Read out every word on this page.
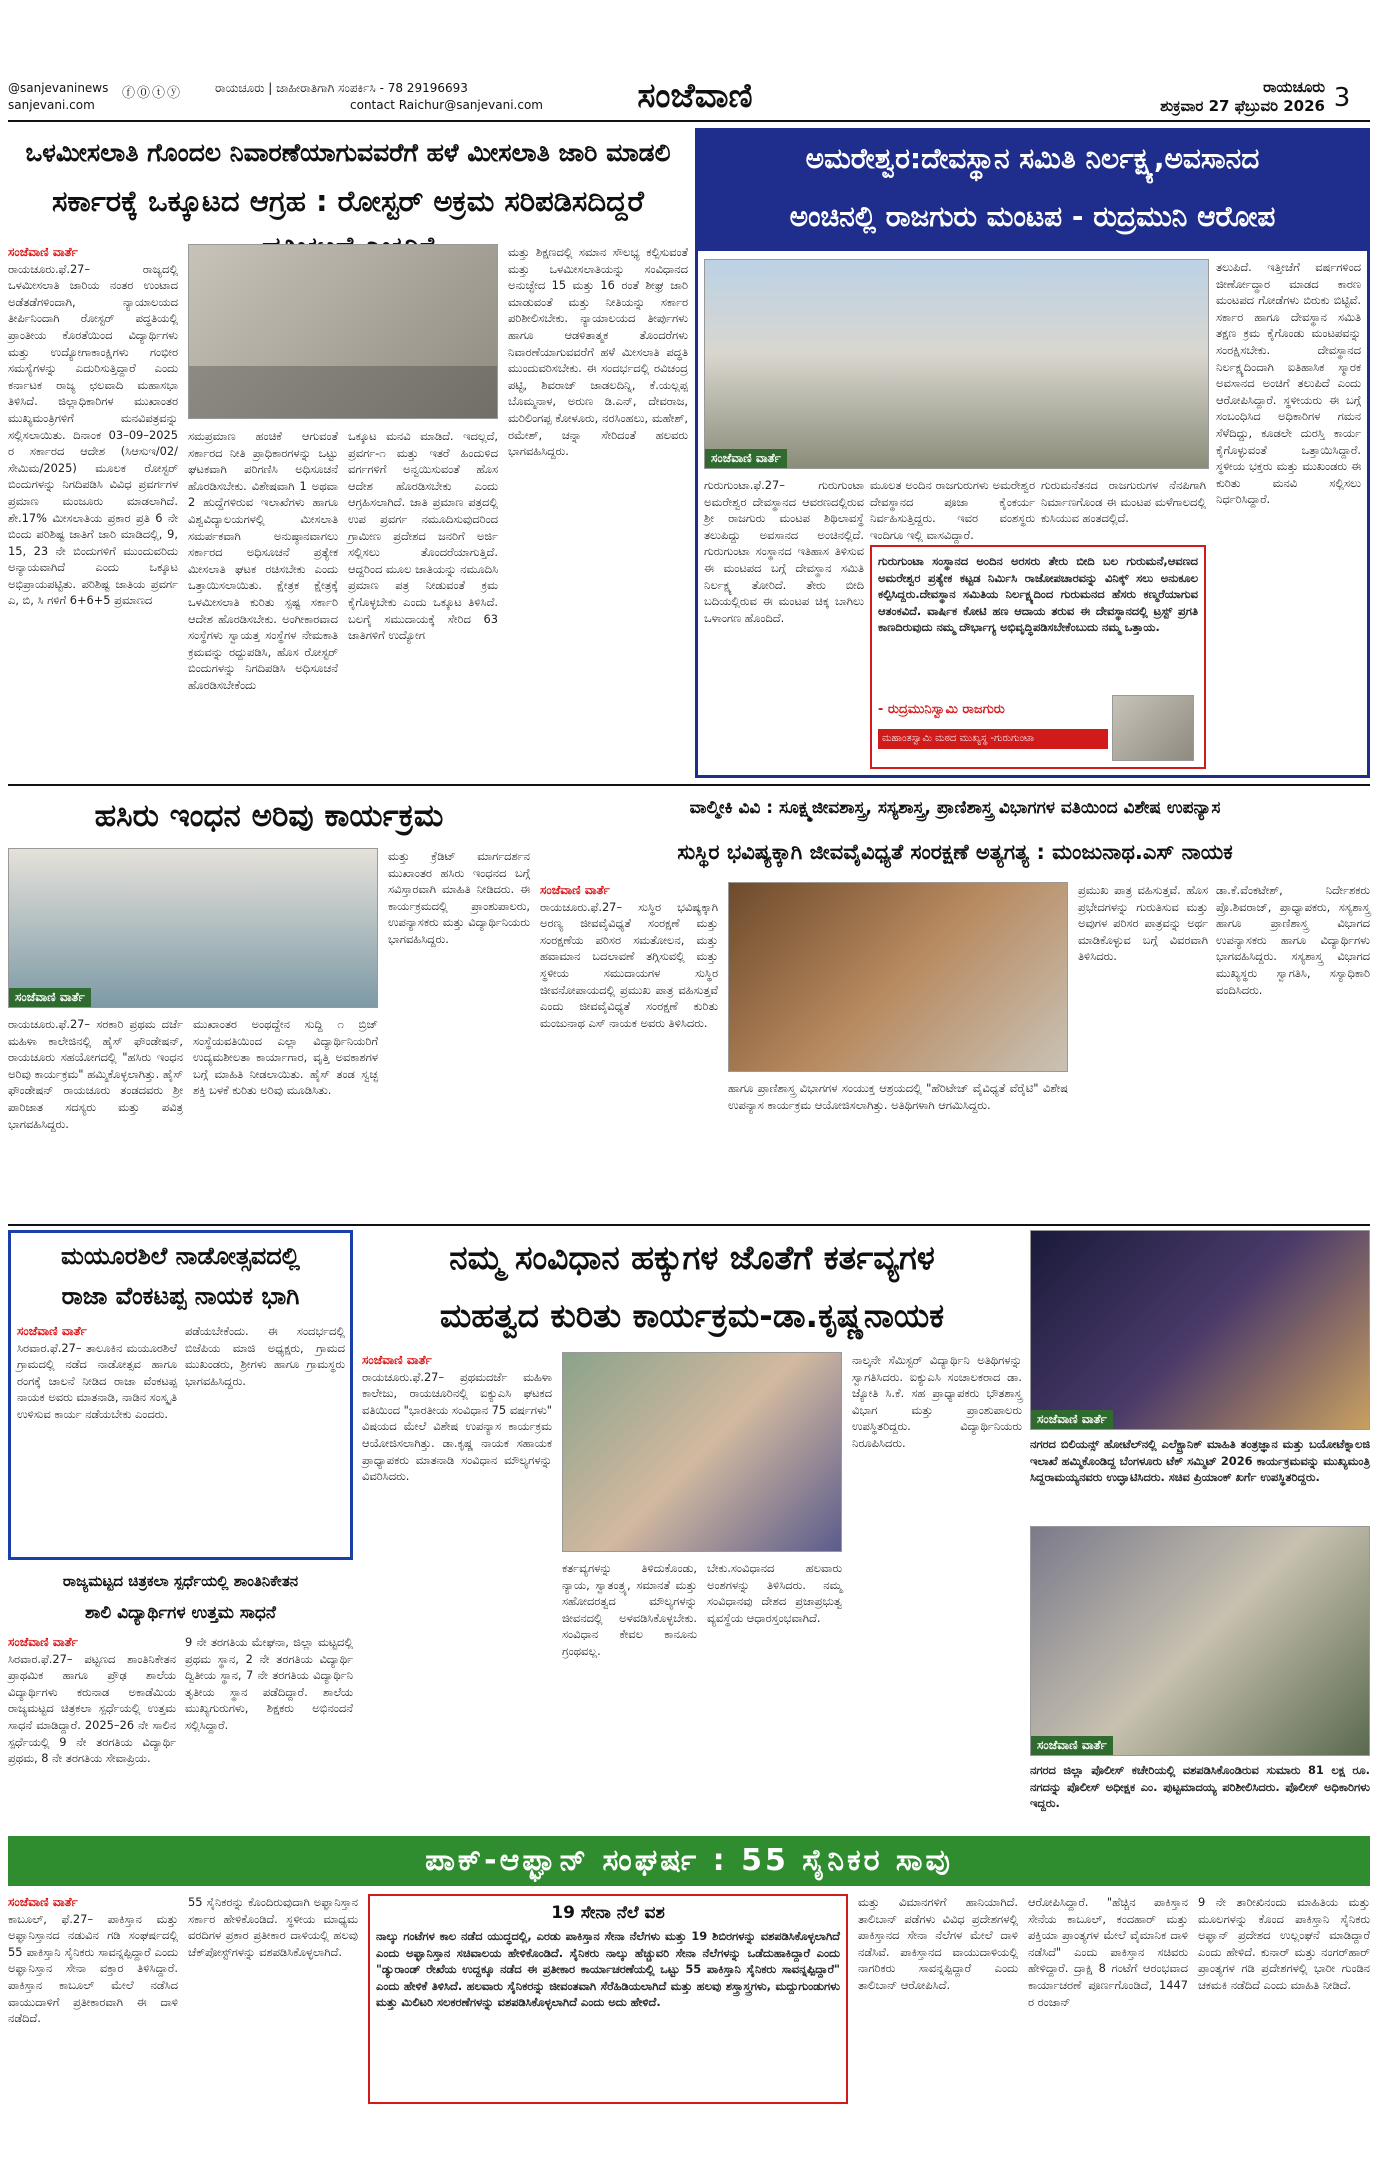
@sanjevaninews
sanjevani.com
ⓕ⓪ⓣⓨ	ರಾಯಚೂರು | ಜಾಹೀರಾತಿಗಾಗಿ ಸಂಪರ್ಕಿಸಿ - 78 29196693
contact Raichur@sanjevani.com	ಸಂಜೆವಾಣಿ	ರಾಯಚೂರು
ಶುಕ್ರವಾರ 27 ಫೆಬ್ರುವರಿ 2026 3
ಒಳಮೀಸಲಾತಿ ಗೊಂದಲ ನಿವಾರಣೆಯಾಗುವವರೆಗೆ ಹಳೆ ಮೀಸಲಾತಿ ಜಾರಿ ಮಾಡಲಿ
ಸರ್ಕಾರಕ್ಕೆ ಒಕ್ಕೂಟದ ಆಗ್ರಹ : ರೋಸ್ಟರ್ ಅಕ್ರಮ ಸರಿಪಡಿಸದಿದ್ದರೆ
ಸಂಜೆವಾಣಿ ವಾರ್ತೆ

ರಾಯಚೂರು.ಫೆ.27– ರಾಜ್ಯದಲ್ಲಿ ಒಳಮೀಸಲಾತಿ ಜಾರಿಯ ನಂತರ ಉಂಟಾದ ಅಡೆತಡೆಗಳಿಂದಾಗಿ, ನ್ಯಾಯಾಲಯದ ತೀರ್ಪಿನಿಂದಾಗಿ ರೋಸ್ಟರ್ ಪದ್ಧತಿಯಲ್ಲಿ ಪ್ರಾಂತೀಯ ಕೊರತೆಯಿಂದ ವಿದ್ಯಾರ್ಥಿಗಳು ಮತ್ತು ಉದ್ಯೋಗಾಕಾಂಕ್ಷಿಗಳು ಗಂಭೀರ ಸಮಸ್ಯೆಗಳನ್ನು ಎದುರಿಸುತ್ತಿದ್ದಾರೆ ಎಂದು ಕರ್ನಾಟಕ ರಾಜ್ಯ ಛಲವಾದಿ ಮಹಾಸಭಾ ತಿಳಿಸಿದೆ. ಜಿಲ್ಲಾಧಿಕಾರಿಗಳ ಮುಖಾಂತರ ಮುಖ್ಯಮಂತ್ರಿಗಳಿಗೆ ಮನವಿಪತ್ರವನ್ನು ಸಲ್ಲಿಸಲಾಯಿತು. ದಿನಾಂಕ 03–09–2025 ರ ಸರ್ಕಾರದ ಆದೇಶ (ಸಿಆಸುಇ/02/ಸೇಮಿಮ/2025) ಮೂಲಕ ರೋಸ್ಟರ್ ಬಿಂದುಗಳನ್ನು ನಿಗದಿಪಡಿಸಿ ವಿವಿಧ ಪ್ರವರ್ಗಗಳ ಪ್ರಮಾಣ ಮಂಜೂರು ಮಾಡಲಾಗಿದೆ. ಶೇ.17% ಮೀಸಲಾತಿಯ ಪ್ರಕಾರ ಪ್ರತಿ 6 ನೇ ಬಿಂದು ಪರಿಶಿಷ್ಟ ಜಾತಿಗೆ ಜಾರಿ ಮಾಡಿದಲ್ಲಿ, 9, 15, 23 ನೇ ಬಿಂದುಗಳಿಗೆ ಮುಂದುವರಿದು ಅನ್ಯಾಯವಾಗಿದೆ ಎಂದು ಒಕ್ಕೂಟ ಅಭಿಪ್ರಾಯಪಟ್ಟಿತು. ಪರಿಶಿಷ್ಟ ಜಾತಿಯ ಪ್ರವರ್ಗ ಎ, ಬಿ, ಸಿ ಗಳಿಗೆ 6+6+5 ಪ್ರಮಾಣದ

ಸಮಪ್ರಮಾಣ ಹಂಚಿಕೆ ಆಗುವಂತೆ ಸರ್ಕಾರದ ನೀತಿ ಪ್ರಾಧಿಕಾರಗಳನ್ನು ಒಟ್ಟು ಘಟಕವಾಗಿ ಪರಿಗಣಿಸಿ ಅಧಿಸೂಚನೆ ಹೊರಡಿಸಬೇಕು. ವಿಶೇಷವಾಗಿ 1 ಅಥವಾ 2 ಹುದ್ದೆಗಳಿರುವ ಇಲಾಖೆಗಳು ಹಾಗೂ ವಿಶ್ವವಿದ್ಯಾಲಯಗಳಲ್ಲಿ ಮೀಸಲಾತಿ ಸಮರ್ಪಕವಾಗಿ ಅನುಷ್ಠಾನವಾಗಲು ಸರ್ಕಾರದ ಅಧಿಸೂಚನೆ ಪ್ರತ್ಯೇಕ ಮೀಸಲಾತಿ ಘಟಕ ರಚಿಸಬೇಕು ಎಂದು ಒತ್ತಾಯಿಸಲಾಯಿತು. ಕ್ಷೇತ್ರಕ ಕ್ಷೇತ್ರಕ್ಕೆ ಒಳಮೀಸಲಾತಿ ಕುರಿತು ಸ್ಪಷ್ಟ ಸರ್ಕಾರಿ ಆದೇಶ ಹೊರಡಿಸಬೇಕು. ಅಂಗೀಕಾರವಾದ ಸಂಸ್ಥೆಗಳು ಸ್ವಾಯತ್ತ ಸಂಸ್ಥೆಗಳ ನೇಮಕಾತಿ ಕ್ರಮವನ್ನು ರದ್ದುಪಡಿಸಿ, ಹೊಸ ರೋಸ್ಟರ್ ಬಿಂದುಗಳನ್ನು ನಿಗದಿಪಡಿಸಿ ಅಧಿಸೂಚನೆ ಹೊರಡಿಸಬೇಕೆಂದು

ಒಕ್ಕೂಟ ಮನವಿ ಮಾಡಿದೆ. ಇದಲ್ಲದೆ, ಪ್ರವರ್ಗ-೧ ಮತ್ತು ಇತರೆ ಹಿಂದುಳಿದ ವರ್ಗಗಳಿಗೆ ಅನ್ವಯಿಸುವಂತೆ ಹೊಸ ಆದೇಶ ಹೊರಡಿಸಬೇಕು ಎಂದು ಆಗ್ರಹಿಸಲಾಗಿದೆ. ಜಾತಿ ಪ್ರಮಾಣ ಪತ್ರದಲ್ಲಿ ಉಪ ಪ್ರವರ್ಗ ನಮೂದಿಸುವುದರಿಂದ ಗ್ರಾಮೀಣ ಪ್ರದೇಶದ ಜನರಿಗೆ ಅರ್ಜಿ ಸಲ್ಲಿಸಲು ತೊಂದರೆಯಾಗುತ್ತಿದೆ. ಆದ್ದರಿಂದ ಮೂಲ ಜಾತಿಯನ್ನು ನಮೂದಿಸಿ ಪ್ರಮಾಣ ಪತ್ರ ನೀಡುವಂತೆ ಕ್ರಮ ಕೈಗೊಳ್ಳಬೇಕು ಎಂದು ಒಕ್ಕೂಟ ತಿಳಿಸಿದೆ. ಬಲಗೈ ಸಮುದಾಯಕ್ಕೆ ಸೇರಿದ 63 ಜಾತಿಗಳಿಗೆ ಉದ್ಯೋಗ

ಮತ್ತು ಶಿಕ್ಷಣದಲ್ಲಿ ಸಮಾನ ಸೌಲಭ್ಯ ಕಲ್ಪಿಸುವಂತೆ ಮತ್ತು ಒಳಮೀಸಲಾತಿಯನ್ನು ಸಂವಿಧಾನದ ಅನುಚ್ಛೇದ 15 ಮತ್ತು 16 ರಂತೆ ಶೀಘ್ರ ಜಾರಿ ಮಾಡುವಂತೆ ಮತ್ತು ನೀತಿಯನ್ನು ಸರ್ಕಾರ ಪರಿಶೀಲಿಸಬೇಕು. ನ್ಯಾಯಾಲಯದ ತೀರ್ಪುಗಳು ಹಾಗೂ ಆಡಳಿತಾತ್ಮಕ ತೊಂದರೆಗಳು ನಿವಾರಣೆಯಾಗುವವರೆಗೆ ಹಳೆ ಮೀಸಲಾತಿ ಪದ್ಧತಿ ಮುಂದುವರಿಸಬೇಕು. ಈ ಸಂದರ್ಭದಲ್ಲಿ ರವಿಚಂದ್ರ ಪಟ್ಟಿ, ಶಿವರಾಜ್ ಜಾಡಲದಿನ್ನಿ, ಕೆ.ಯಲ್ಲಪ್ಪ ಬೊಮ್ಮನಾಳ, ಅರುಣ ಡಿ.ಎನ್, ದೇವರಾಜ, ಮರಿಲಿಂಗಪ್ಪ ಕೋಳೂರು, ನರಸಿಂಹಲು, ಮಹೇಶ್, ರಮೇಶ್, ಚನ್ನಾ ಸೇರಿದಂತೆ ಹಲವರು ಭಾಗವಹಿಸಿದ್ದರು.

ಅಮರೇಶ್ವರ:ದೇವಸ್ಥಾನ ಸಮಿತಿ ನಿರ್ಲಕ್ಷ್ಯ,ಅವಸಾನದ
ಅಂಚಿನಲ್ಲಿ ರಾಜಗುರು ಮಂಟಪ - ರುದ್ರಮುನಿ ಆರೋಪ
ಸಂಜೆವಾಣಿ ವಾರ್ತೆ

ಗುರುಗುಂಟಾ.ಫೆ.27– ಗುರುಗುಂಟಾ ಅಮರೇಶ್ವರ ದೇವಸ್ಥಾನದ ಆವರಣದಲ್ಲಿರುವ ಶ್ರೀ ರಾಜಗುರು ಮಂಟಪ ಶಿಥಿಲಾವಸ್ಥೆ ತಲುಪಿದ್ದು ಅವಸಾನದ ಅಂಚಿನಲ್ಲಿದೆ. ಗುರುಗುಂಟಾ ಸಂಸ್ಥಾನದ ಇತಿಹಾಸ ತಿಳಿಸುವ ಈ ಮಂಟಪದ ಬಗ್ಗೆ ದೇವಸ್ಥಾನ ಸಮಿತಿ ನಿರ್ಲಕ್ಷ್ಯ ತೋರಿದೆ. ತೇರು ಬೀದಿ ಬದಿಯಲ್ಲಿರುವ ಈ ಮಂಟಪ ಚಿಕ್ಕ ಬಾಗಿಲು ಒಳಾಂಗಣ ಹೊಂದಿದೆ.

ಮೂಲತ ಅಂದಿನ ರಾಜಗುರುಗಳು ಅಮರೇಶ್ವರ ದೇವಸ್ಥಾನದ ಪೂಜಾ ಕೈಂಕರ್ಯ ನಿರ್ವಹಿಸುತ್ತಿದ್ದರು. ಇವರ ವಂಶಸ್ಥರು ಇಂದಿಗೂ ಇಲ್ಲಿ ವಾಸವಿದ್ದಾರೆ.

ಗುರುಮನೆತನದ ರಾಜಗುರುಗಳ ನೆನಪಿಗಾಗಿ ನಿರ್ಮಾಣಗೊಂಡ ಈ ಮಂಟಪ ಮಳೆಗಾಲದಲ್ಲಿ ಕುಸಿಯುವ ಹಂತದಲ್ಲಿದೆ.

ತಲುಪಿದೆ. ಇತ್ತೀಚೆಗೆ ವರ್ಷಗಳಿಂದ ಜೀರ್ಣೋದ್ಧಾರ ಮಾಡದ ಕಾರಣ ಮಂಟಪದ ಗೋಡೆಗಳು ಬಿರುಕು ಬಿಟ್ಟಿವೆ. ಸರ್ಕಾರ ಹಾಗೂ ದೇವಸ್ಥಾನ ಸಮಿತಿ ತಕ್ಷಣ ಕ್ರಮ ಕೈಗೊಂಡು ಮಂಟಪವನ್ನು ಸಂರಕ್ಷಿಸಬೇಕು. ದೇವಸ್ಥಾನದ ನಿರ್ಲಕ್ಷ್ಯದಿಂದಾಗಿ ಐತಿಹಾಸಿಕ ಸ್ಮಾರಕ ಅವಸಾನದ ಅಂಚಿಗೆ ತಲುಪಿದೆ ಎಂದು ಆರೋಪಿಸಿದ್ದಾರೆ. ಸ್ಥಳೀಯರು ಈ ಬಗ್ಗೆ ಸಂಬಂಧಿಸಿದ ಅಧಿಕಾರಿಗಳ ಗಮನ ಸೆಳೆದಿದ್ದು, ಕೂಡಲೇ ದುರಸ್ತಿ ಕಾರ್ಯ ಕೈಗೊಳ್ಳುವಂತೆ ಒತ್ತಾಯಿಸಿದ್ದಾರೆ. ಸ್ಥಳೀಯ ಭಕ್ತರು ಮತ್ತು ಮುಖಂಡರು ಈ ಕುರಿತು ಮನವಿ ಸಲ್ಲಿಸಲು ನಿರ್ಧರಿಸಿದ್ದಾರೆ.

ಗುರುಗುಂಟಾ ಸಂಸ್ಥಾನದ ಅಂದಿನ ಅರಸರು ತೇರು ಬೀದಿ ಬಲ ಗುರುಮನೆ,ಆವಣದ ಅಮರೇಶ್ವರ ಪ್ರತ್ಯೇಕ ಕಟ್ಟಡ ನಿರ್ಮಿಸಿ ರಾಜೋಪಚಾರವನ್ನು ವಿನಿಕ್ಕ್ ಸಲು ಅನುಕೂಲ ಕಲ್ಪಿಸಿದ್ದರು.ದೇವಸ್ಥಾನ ಸಮಿತಿಯ ನಿರ್ಲಕ್ಷ್ಯದಿಂದ ಗುರುಮನದ ಹೆಸರು ಕಣ್ಮರೆಯಾಗುವ ಆತಂಕವಿದೆ. ವಾರ್ಷಿಕ ಕೋಟಿ ಹಣ ಆದಾಯ ತರುವ ಈ ದೇವಸ್ಥಾನದಲ್ಲಿ ಟ್ರಸ್ಟ್ ಪ್ರಗತಿ ಕಾಣದಿರುವುದು ನಮ್ಮ ದೌರ್ಭಾಗ್ಯ ಅಭಿವೃದ್ಧಿಪಡಿಸಬೇಕೆಂಬುದು ನಮ್ಮ ಒತ್ತಾಯ.
- ರುದ್ರಮುನಿಸ್ವಾಮಿ ರಾಜಗುರು
ಮಹಾಂತಸ್ವಾಮಿ ಮಠದ ಮುಖ್ಯಸ್ಥ -ಗುರುಗುಂಟಾ
ಹಸಿರು ಇಂಧನ ಅರಿವು ಕಾರ್ಯಕ್ರಮ
ಸಂಜೆವಾಣಿ ವಾರ್ತೆ

ರಾಯಚೂರು.ಫೆ.27– ಸರಕಾರಿ ಪ್ರಥಮ ದರ್ಜೆ ಮಹಿಳಾ ಕಾಲೇಜಿನಲ್ಲಿ ಹೈಸ್ ಫೌಂಡೇಷನ್, ರಾಯಚೂರು ಸಹಯೋಗದಲ್ಲಿ "ಹಸಿರು ಇಂಧನ ಅರಿವು ಕಾರ್ಯಕ್ರಮ" ಹಮ್ಮಿಕೊಳ್ಳಲಾಗಿತ್ತು. ಹೈಸ್ ಫೌಂಡೇಷನ್ ರಾಯಚೂರು ತಂಡದವರು ಶ್ರೀ ಪಾರಿಜಾತ ಸದಸ್ಯರು ಮತ್ತು ಪವಿತ್ರ ಭಾಗವಹಿಸಿದ್ದರು.

ಮುಖಾಂತರ ಅಂಥದ್ದೇನ ಸುದ್ದಿ ೧ ಬ್ರಿಜ್ ಸಂಸ್ಥೆಯವತಿಯಿಂದ ಎಲ್ಲಾ ವಿದ್ಯಾರ್ಥಿನಿಯರಿಗೆ ಉದ್ಯಮಶೀಲತಾ ಕಾರ್ಯಾಗಾರ, ವೃತ್ತಿ ಅವಕಾಶಗಳ ಬಗ್ಗೆ ಮಾಹಿತಿ ನೀಡಲಾಯಿತು. ಹೈಸ್ ತಂಡ ಸ್ವಚ್ಛ ಶಕ್ತಿ ಬಳಕೆ ಕುರಿತು ಅರಿವು ಮೂಡಿಸಿತು.

ಮತ್ತು ಕ್ರೆಡಿಟ್ ಮಾರ್ಗದರ್ಶನ ಮುಖಾಂತರ ಹಸಿರು ಇಂಧನದ ಬಗ್ಗೆ ಸವಿಸ್ತಾರವಾಗಿ ಮಾಹಿತಿ ನೀಡಿದರು. ಈ ಕಾರ್ಯಕ್ರಮದಲ್ಲಿ ಪ್ರಾಂಶುಪಾಲರು, ಉಪನ್ಯಾಸಕರು ಮತ್ತು ವಿದ್ಯಾರ್ಥಿನಿಯರು ಭಾಗವಹಿಸಿದ್ದರು.

ವಾಲ್ಮೀಕಿ ವಿವಿ : ಸೂಕ್ಷ್ಮಜೀವಶಾಸ್ತ್ರ, ಸಸ್ಯಶಾಸ್ತ್ರ, ಪ್ರಾಣಿಶಾಸ್ತ್ರ ವಿಭಾಗಗಳ ವತಿಯಿಂದ ವಿಶೇಷ ಉಪನ್ಯಾಸ
ಸುಸ್ಥಿರ ಭವಿಷ್ಯಕ್ಕಾಗಿ ಜೀವವೈವಿಧ್ಯತೆ ಸಂರಕ್ಷಣೆ ಅತ್ಯಗತ್ಯ : ಮಂಜುನಾಥ.ಎಸ್ ನಾಯಕ
ಸಂಜೆವಾಣಿ ವಾರ್ತೆ

ರಾಯಚೂರು.ಫೆ.27– ಸುಸ್ಥಿರ ಭವಿಷ್ಯಕ್ಕಾಗಿ ಅರಣ್ಯ ಜೀವವೈವಿಧ್ಯತೆ ಸಂರಕ್ಷಣೆ ಮತ್ತು ಸಂರಕ್ಷಣೆಯ ಪರಿಸರ ಸಮತೋಲನ, ಮತ್ತು ಹವಾಮಾನ ಬದಲಾವಣೆ ತಗ್ಗಿಸುವಲ್ಲಿ ಮತ್ತು ಸ್ಥಳೀಯ ಸಮುದಾಯಗಳ ಸುಸ್ಥಿರ ಜೀವನೋಪಾಯದಲ್ಲಿ ಪ್ರಮುಖ ಪಾತ್ರ ವಹಿಸುತ್ತವೆ ಎಂದು ಜೀವವೈವಿಧ್ಯತೆ ಸಂರಕ್ಷಣೆ ಕುರಿತು ಮಂಜುನಾಥ ಎಸ್ ನಾಯಕ ಅವರು ತಿಳಿಸಿದರು.

ಹಾಗೂ ಪ್ರಾಣಿಶಾಸ್ತ್ರ ವಿಭಾಗಗಳ ಸಂಯುಕ್ತ ಆಶ್ರಯದಲ್ಲಿ "ಹೆರಿಟೇಜ್ ವೈವಿಧ್ಯತೆ ವೆರೈಟಿ" ವಿಶೇಷ ಉಪನ್ಯಾಸ ಕಾರ್ಯಕ್ರಮ ಆಯೋಜಿಸಲಾಗಿತ್ತು. ಅತಿಥಿಗಳಾಗಿ ಆಗಮಿಸಿದ್ದರು.

ಪ್ರಮುಖ ಪಾತ್ರ ವಹಿಸುತ್ತವೆ. ಹೊಸ ಪ್ರಭೇದಗಳನ್ನು ಗುರುತಿಸುವ ಮತ್ತು ಅವುಗಳ ಪರಿಸರ ಪಾತ್ರವನ್ನು ಅರ್ಥ ಮಾಡಿಕೊಳ್ಳುವ ಬಗ್ಗೆ ವಿವರವಾಗಿ ತಿಳಿಸಿದರು.

ಡಾ.ಕೆ.ವೆಂಕಟೇಶ್, ನಿರ್ದೇಶಕರು ಪ್ರೊ.ಶಿವರಾಜ್, ಪ್ರಾಧ್ಯಾಪಕರು, ಸಸ್ಯಶಾಸ್ತ್ರ ಹಾಗೂ ಪ್ರಾಣಿಶಾಸ್ತ್ರ ವಿಭಾಗದ ಉಪನ್ಯಾಸಕರು ಹಾಗೂ ವಿದ್ಯಾರ್ಥಿಗಳು ಭಾಗವಹಿಸಿದ್ದರು. ಸಸ್ಯಶಾಸ್ತ್ರ ವಿಭಾಗದ ಮುಖ್ಯಸ್ಥರು ಸ್ವಾಗತಿಸಿ, ಸಸ್ಯಾಧಿಕಾರಿ ವಂದಿಸಿದರು.

ಮಯೂರಶಿಲೆ ನಾಡೋತ್ಸವದಲ್ಲಿ
ರಾಜಾ ವೆಂಕಟಪ್ಪ ನಾಯಕ ಭಾಗಿ
ಸಂಜೆವಾಣಿ ವಾರ್ತೆ

ಸಿರವಾರ.ಫೆ.27– ತಾಲೂಕಿನ ಮಯೂರಶಿಲೆ ಗ್ರಾಮದಲ್ಲಿ ನಡೆದ ನಾಡೋತ್ಸವ ಹಾಗೂ ರಂಗಕ್ಕೆ ಚಾಲನೆ ನೀಡಿದ ರಾಜಾ ವೆಂಕಟಪ್ಪ ನಾಯಕ ಅವರು ಮಾತನಾಡಿ, ನಾಡಿನ ಸಂಸ್ಕೃತಿ ಉಳಿಸುವ ಕಾರ್ಯ ನಡೆಯಬೇಕು ಎಂದರು.

ಪಡೆಯಬೇಕೆಂದು. ಈ ಸಂದರ್ಭದಲ್ಲಿ ಬಿಜೆಪಿಯ ಮಾಜಿ ಅಧ್ಯಕ್ಷರು, ಗ್ರಾಮದ ಮುಖಂಡರು, ಶ್ರೀಗಳು ಹಾಗೂ ಗ್ರಾಮಸ್ಥರು ಭಾಗವಹಿಸಿದ್ದರು.

ರಾಜ್ಯಮಟ್ಟದ ಚಿತ್ರಕಲಾ ಸ್ಪರ್ಧೆಯಲ್ಲಿ ಶಾಂತಿನಿಕೇತನ
ಶಾಲಿ ವಿದ್ಯಾರ್ಥಿಗಳ ಉತ್ತಮ ಸಾಧನೆ
ಸಂಜೆವಾಣಿ ವಾರ್ತೆ

ಸಿರವಾರ.ಫೆ.27– ಪಟ್ಟಣದ ಶಾಂತಿನಿಕೇತನ ಪ್ರಾಥಮಿಕ ಹಾಗೂ ಪ್ರೌಢ ಶಾಲೆಯ ವಿದ್ಯಾರ್ಥಿಗಳು ಕರುನಾಡ ಅಕಾಡೆಮಿಯ ರಾಜ್ಯಮಟ್ಟದ ಚಿತ್ರಕಲಾ ಸ್ಪರ್ಧೆಯಲ್ಲಿ ಉತ್ತಮ ಸಾಧನೆ ಮಾಡಿದ್ದಾರೆ. 2025–26 ನೇ ಸಾಲಿನ ಸ್ಪರ್ಧೆಯಲ್ಲಿ 9 ನೇ ತರಗತಿಯ ವಿದ್ಯಾರ್ಥಿ ಪ್ರಥಮ, 8 ನೇ ತರಗತಿಯ ಸೇವಾಪ್ರಿಯ.

9 ನೇ ತರಗತಿಯ ಮೇಘನಾ, ಜಿಲ್ಲಾ ಮಟ್ಟದಲ್ಲಿ ಪ್ರಥಮ ಸ್ಥಾನ, 2 ನೇ ತರಗತಿಯ ವಿದ್ಯಾರ್ಥಿ ದ್ವಿತೀಯ ಸ್ಥಾನ, 7 ನೇ ತರಗತಿಯ ವಿದ್ಯಾರ್ಥಿನಿ ತೃತೀಯ ಸ್ಥಾನ ಪಡೆದಿದ್ದಾರೆ. ಶಾಲೆಯ ಮುಖ್ಯಗುರುಗಳು, ಶಿಕ್ಷಕರು ಅಭಿನಂದನೆ ಸಲ್ಲಿಸಿದ್ದಾರೆ.

ನಮ್ಮ ಸಂವಿಧಾನ ಹಕ್ಕುಗಳ ಜೊತೆಗೆ ಕರ್ತವ್ಯಗಳ
ಮಹತ್ವದ ಕುರಿತು ಕಾರ್ಯಕ್ರಮ-ಡಾ.ಕೃಷ್ಣನಾಯಕ
ಸಂಜೆವಾಣಿ ವಾರ್ತೆ

ರಾಯಚೂರು.ಫೆ.27– ಪ್ರಥಮದರ್ಜೆ ಮಹಿಳಾ ಕಾಲೇಜು, ರಾಯಚೂರಿನಲ್ಲಿ ಐಕ್ಯುಎಸಿ ಘಟಕದ ವತಿಯಿಂದ "ಭಾರತೀಯ ಸಂವಿಧಾನ 75 ವರ್ಷಗಳು" ವಿಷಯದ ಮೇಲೆ ವಿಶೇಷ ಉಪನ್ಯಾಸ ಕಾರ್ಯಕ್ರಮ ಆಯೋಜಿಸಲಾಗಿತ್ತು. ಡಾ.ಕೃಷ್ಣ ನಾಯಕ ಸಹಾಯಕ ಪ್ರಾಧ್ಯಾಪಕರು ಮಾತನಾಡಿ ಸಂವಿಧಾನ ಮೌಲ್ಯಗಳನ್ನು ವಿವರಿಸಿದರು.

ಕರ್ತವ್ಯಗಳನ್ನು ತಿಳಿದುಕೊಂಡು, ನ್ಯಾಯ, ಸ್ವಾತಂತ್ರ್ಯ, ಸಮಾನತೆ ಮತ್ತು ಸಹೋದರತ್ವದ ಮೌಲ್ಯಗಳನ್ನು ಜೀವನದಲ್ಲಿ ಅಳವಡಿಸಿಕೊಳ್ಳಬೇಕು. ಸಂವಿಧಾನ ಕೇವಲ ಕಾನೂನು ಗ್ರಂಥವಲ್ಲ.

ಬೇಕು.ಸಂವಿಧಾನದ ಹಲವಾರು ಅಂಶಗಳನ್ನು ತಿಳಿಸಿದರು. ನಮ್ಮ ಸಂವಿಧಾನವು ದೇಶದ ಪ್ರಜಾಪ್ರಭುತ್ವ ವ್ಯವಸ್ಥೆಯ ಆಧಾರಸ್ತಂಭವಾಗಿದೆ.

ನಾಲ್ಕನೇ ಸೆಮಿಸ್ಟರ್ ವಿದ್ಯಾರ್ಥಿನಿ ಅತಿಥಿಗಳನ್ನು ಸ್ವಾಗತಿಸಿದರು. ಐಕ್ಯುಎಸಿ ಸಂಚಾಲಕರಾದ ಡಾ. ಜ್ಯೋತಿ ಸಿ.ಕೆ. ಸಹ ಪ್ರಾಧ್ಯಾಪಕರು ಭೌತಶಾಸ್ತ್ರ ವಿಭಾಗ ಮತ್ತು ಪ್ರಾಂಶುಪಾಲರು ಉಪಸ್ಥಿತರಿದ್ದರು. ವಿದ್ಯಾರ್ಥಿನಿಯರು ನಿರೂಪಿಸಿದರು.

ಸಂಜೆವಾಣಿ ವಾರ್ತೆ
ನಗರದ ಬಿಲಿಯನ್ಸ್ ಹೋಟೆಲ್‌ನಲ್ಲಿ ಎಲೆಕ್ಟ್ರಾನಿಕ್ ಮಾಹಿತಿ ತಂತ್ರಜ್ಞಾನ ಮತ್ತು ಬಯೋಟೆಕ್ನಾಲಜಿ ಇಲಾಖೆ ಹಮ್ಮಿಕೊಂಡಿದ್ದ ಬೆಂಗಳೂರು ಟೆಕ್ ಸಮ್ಮಿಟ್ 2026 ಕಾರ್ಯಕ್ರಮವನ್ನು ಮುಖ್ಯಮಂತ್ರಿ ಸಿದ್ದರಾಮಯ್ಯನವರು ಉದ್ಘಾಟಿಸಿದರು. ಸಚಿವ ಪ್ರಿಯಾಂಕ್ ಖರ್ಗೆ ಉಪಸ್ಥಿತರಿದ್ದರು.
ಸಂಜೆವಾಣಿ ವಾರ್ತೆ
ನಗರದ ಜಿಲ್ಲಾ ಪೊಲೀಸ್ ಕಚೇರಿಯಲ್ಲಿ ವಶಪಡಿಸಿಕೊಂಡಿರುವ ಸುಮಾರು 81 ಲಕ್ಷ ರೂ. ನಗದನ್ನು ಪೊಲೀಸ್ ಅಧೀಕ್ಷಕ ಎಂ. ಪುಟ್ಟಮಾದಯ್ಯ ಪರಿಶೀಲಿಸಿದರು. ಪೊಲೀಸ್ ಅಧಿಕಾರಿಗಳು ಇದ್ದರು.
ಪಾಕ್-ಆಫ್ಘಾನ್ ಸಂಘರ್ಷ : 55 ಸೈನಿಕರ ಸಾವು
ಸಂಜೆವಾಣಿ ವಾರ್ತೆ

ಕಾಬೂಲ್, ಫೆ.27– ಪಾಕಿಸ್ತಾನ ಮತ್ತು ಅಫ್ಘಾನಿಸ್ತಾನದ ನಡುವಿನ ಗಡಿ ಸಂಘರ್ಷದಲ್ಲಿ 55 ಪಾಕಿಸ್ತಾನಿ ಸೈನಿಕರು ಸಾವನ್ನಪ್ಪಿದ್ದಾರೆ ಎಂದು ಅಫ್ಘಾನಿಸ್ತಾನ ಸೇನಾ ವಕ್ತಾರ ತಿಳಿಸಿದ್ದಾರೆ. ಪಾಕಿಸ್ತಾನ ಕಾಬೂಲ್ ಮೇಲೆ ನಡೆಸಿದ ವಾಯುದಾಳಿಗೆ ಪ್ರತೀಕಾರವಾಗಿ ಈ ದಾಳಿ ನಡೆದಿದೆ.

55 ಸೈನಿಕರನ್ನು ಕೊಂದಿರುವುದಾಗಿ ಅಫ್ಘಾನಿಸ್ತಾನ ಸರ್ಕಾರ ಹೇಳಿಕೊಂಡಿದೆ. ಸ್ಥಳೀಯ ಮಾಧ್ಯಮ ವರದಿಗಳ ಪ್ರಕಾರ ಪ್ರತೀಕಾರ ದಾಳಿಯಲ್ಲಿ ಹಲವು ಚೆಕ್‌ಪೋಸ್ಟ್‌ಗಳನ್ನು ವಶಪಡಿಸಿಕೊಳ್ಳಲಾಗಿದೆ.

19 ಸೇನಾ ನೆಲೆ ವಶ
ನಾಲ್ಕು ಗಂಟೆಗಳ ಕಾಲ ನಡೆದ ಯುದ್ಧದಲ್ಲಿ, ಎರಡು ಪಾಕಿಸ್ತಾನ ಸೇನಾ ನೆಲೆಗಳು ಮತ್ತು 19 ಶಿಬಿರಗಳನ್ನು ವಶಪಡಿಸಿಕೊಳ್ಳಲಾಗಿದೆ ಎಂದು ಅಫ್ಘಾನಿಸ್ತಾನ ಸಚಿವಾಲಯ ಹೇಳಿಕೊಂಡಿದೆ. ಸೈನಿಕರು ನಾಲ್ಕು ಹೆಚ್ಚುವರಿ ಸೇನಾ ನೆಲೆಗಳನ್ನು ಒಡೆದುಹಾಕಿದ್ದಾರೆ ಎಂದು "ಡ್ಯುರಾಂಡ್ ರೇಖೆಯ ಉದ್ದಕ್ಕೂ ನಡೆದ ಈ ಪ್ರತೀಕಾರ ಕಾರ್ಯಾಚರಣೆಯಲ್ಲಿ ಒಟ್ಟು 55 ಪಾಕಿಸ್ತಾನಿ ಸೈನಿಕರು ಸಾವನ್ನಪ್ಪಿದ್ದಾರೆ" ಎಂದು ಹೇಳಿಕೆ ತಿಳಿಸಿದೆ. ಹಲವಾರು ಸೈನಿಕರನ್ನು ಜೀವಂತವಾಗಿ ಸೆರೆಹಿಡಿಯಲಾಗಿದೆ ಮತ್ತು ಹಲವು ಶಸ್ತ್ರಾಸ್ತ್ರಗಳು, ಮದ್ದುಗುಂಡುಗಳು ಮತ್ತು ಮಿಲಿಟರಿ ಸಲಕರಣೆಗಳನ್ನು ವಶಪಡಿಸಿಕೊಳ್ಳಲಾಗಿದೆ ಎಂದು ಅದು ಹೇಳಿದೆ.

ಮತ್ತು ವಿಮಾನಗಳಿಗೆ ಹಾನಿಯಾಗಿದೆ. ತಾಲಿಬಾನ್ ಪಡೆಗಳು ವಿವಿಧ ಪ್ರದೇಶಗಳಲ್ಲಿ ಪಾಕಿಸ್ತಾನದ ಸೇನಾ ನೆಲೆಗಳ ಮೇಲೆ ದಾಳಿ ನಡೆಸಿವೆ. ಪಾಕಿಸ್ತಾನದ ವಾಯುದಾಳಿಯಲ್ಲಿ ನಾಗರಿಕರು ಸಾವನ್ನಪ್ಪಿದ್ದಾರೆ ಎಂದು ತಾಲಿಬಾನ್ ಆರೋಪಿಸಿದೆ.

ಆರೋಪಿಸಿದ್ದಾರೆ. "ಹೆಚ್ಚಿನ ಪಾಕಿಸ್ತಾನ ಸೇನೆಯ ಕಾಬೂಲ್, ಕಂದಹಾರ್ ಮತ್ತು ಪಕ್ತಿಯಾ ಪ್ರಾಂತ್ಯಗಳ ಮೇಲೆ ವೈಮಾನಿಕ ದಾಳಿ ನಡೆಸಿದೆ" ಎಂದು ಪಾಕಿಸ್ತಾನ ಸಚಿವರು ಹೇಳಿದ್ದಾರೆ. ದ್ರಾಕ್ಷಿ 8 ಗಂಟೆಗೆ ಆರಂಭವಾದ ಕಾರ್ಯಾಚರಣೆ ಪೂರ್ಣಗೊಂಡಿದೆ, 1447 ರ ರಂಜಾನ್

9 ನೇ ತಾರೀಖಿನಂದು ಮಾಹಿತಿಯ ಮತ್ತು ಮೂಲಗಳನ್ನು ಕೊಂದ ಪಾಕಿಸ್ತಾನಿ ಸೈನಿಕರು ಅಫ್ಘಾನ್ ಪ್ರದೇಶದ ಉಲ್ಲಂಘನೆ ಮಾಡಿದ್ದಾರೆ ಎಂದು ಹೇಳಿದೆ. ಕುನಾರ್ ಮತ್ತು ನಂಗರ್‌ಹಾರ್ ಪ್ರಾಂತ್ಯಗಳ ಗಡಿ ಪ್ರದೇಶಗಳಲ್ಲಿ ಭಾರೀ ಗುಂಡಿನ ಚಕಮಕಿ ನಡೆದಿದೆ ಎಂದು ಮಾಹಿತಿ ನೀಡಿದೆ.
